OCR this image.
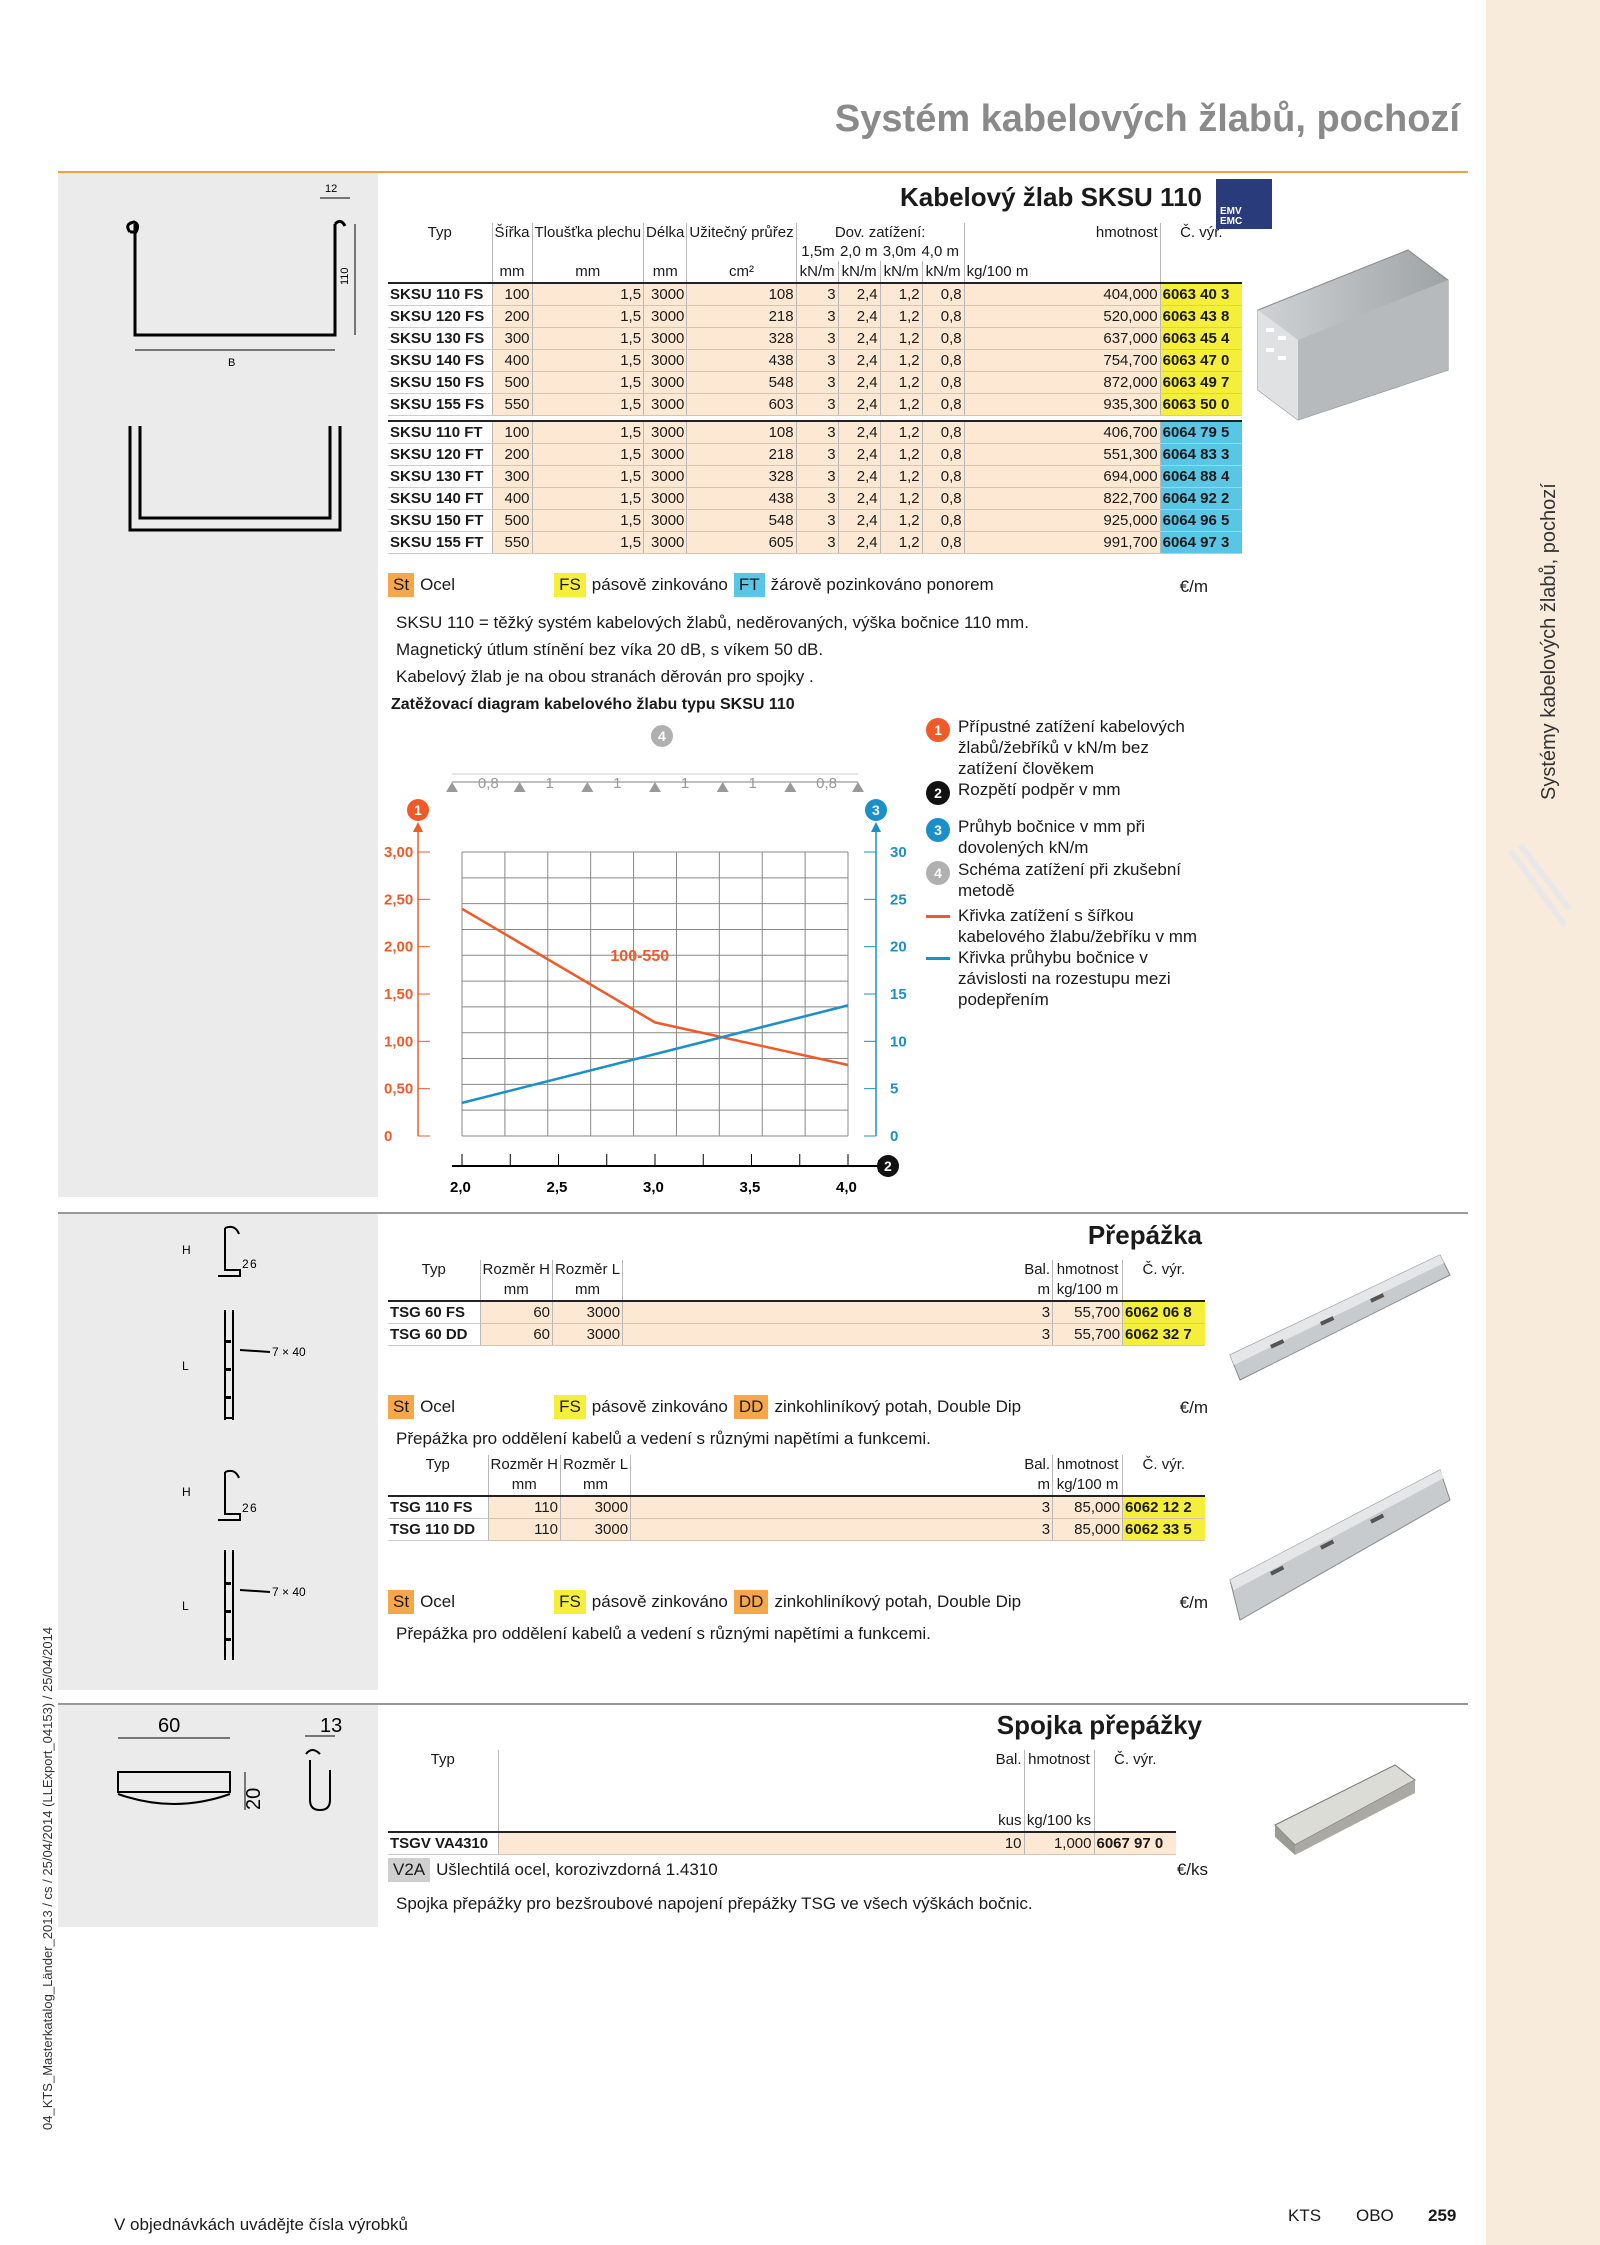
Systémy kabelových žlabů, pochozí
04_KTS_Masterkatalog_Länder_2013 / cs / 25/04/2014 (LLExport_04153) / 25/04/2014
Systém kabelových žlabů, pochozí
12
110
B
Kabelový žlab SKSU 110 EMV
EMC
Typ	Šířka	Tloušťka plechu	Délka	Užitečný průřez	Dov. zatížení:
1,5m 2,0 m 3,0m 4,0 m				hmotnost	Č. výr.
	mm	mm	mm	cm²	kN/m	kN/m	kN/m	kN/m	kg/100 m	
SKSU 110 FS	100	1,5	3000	108	3	2,4	1,2	0,8	404,000	6063 40 3
SKSU 120 FS	200	1,5	3000	218	3	2,4	1,2	0,8	520,000	6063 43 8
SKSU 130 FS	300	1,5	3000	328	3	2,4	1,2	0,8	637,000	6063 45 4
SKSU 140 FS	400	1,5	3000	438	3	2,4	1,2	0,8	754,700	6063 47 0
SKSU 150 FS	500	1,5	3000	548	3	2,4	1,2	0,8	872,000	6063 49 7
SKSU 155 FS	550	1,5	3000	603	3	2,4	1,2	0,8	935,300	6063 50 0

SKSU 110 FT	100	1,5	3000	108	3	2,4	1,2	0,8	406,700	6064 79 5
SKSU 120 FT	200	1,5	3000	218	3	2,4	1,2	0,8	551,300	6064 83 3
SKSU 130 FT	300	1,5	3000	328	3	2,4	1,2	0,8	694,000	6064 88 4
SKSU 140 FT	400	1,5	3000	438	3	2,4	1,2	0,8	822,700	6064 92 2
SKSU 150 FT	500	1,5	3000	548	3	2,4	1,2	0,8	925,000	6064 96 5
SKSU 155 FT	550	1,5	3000	605	3	2,4	1,2	0,8	991,700	6064 97 3
St Ocel	FS pásově zinkováno FT žárově pozinkováno ponorem	€/m
SKSU 110 = těžký systém kabelových žlabů, neděrovaných, výška bočnice 110 mm.
Magnetický útlum stínění bez víka 20 dB, s víkem 50 dB.
Kabelový žlab je na obou stranách děrován pro spojky .
Zatěžovací diagram kabelového žlabu typu SKSU 110
0
0,50
1,00
1,50
2,00
2,50
3,00
0
5
10
15
20
25
30
2,0	2,5	3,0	3,5	4,0
0,8	1	1	1	1	0,8
100-550
1	3
4
2
1 Přípustné zatížení kabelových žlabů/žebříků v kN/m bez zatížení člověkem
2 Rozpětí podpěr v mm
3 Průhyb bočnice v mm při dovolených kN/m
4 Schéma zatížení při zkušební metodě
Křivka zatížení s šířkou kabelového žlabu/žebříku v mm
Křivka průhybu bočnice v závislosti na rozestupu mezi podepřením
H
L
2 6
7 × 40
H
L
2 6
7 × 40
Přepážka
Typ	Rozměr H	Rozměr L	Bal.	hmotnost	Č. výr.
	mm	mm	m	kg/100 m	
TSG 60 FS	60	3000	3	55,700	6062 06 8
TSG 60 DD	60	3000	3	55,700	6062 32 7
St Ocel	FS pásově zinkováno DD zinkohliníkový potah, Double Dip	€/m
Přepážka pro oddělení kabelů a vedení s různými napětími a funkcemi.
Typ	Rozměr H	Rozměr L	Bal.	hmotnost	Č. výr.
	mm	mm	m	kg/100 m	
TSG 110 FS	110	3000	3	85,000	6062 12 2
TSG 110 DD	110	3000	3	85,000	6062 33 5
St Ocel	FS pásově zinkováno DD zinkohliníkový potah, Double Dip	€/m
Přepážka pro oddělení kabelů a vedení s různými napětími a funkcemi.
60	13
20
Spojka přepážky
Typ	Bal.	hmotnost	Č. výr.
	kus	kg/100 ks	
TSGV VA4310	10	1,000	6067 97 0
V2A Ušlechtilá ocel, korozivzdorná 1.4310	€/ks
Spojka přepážky pro bezšroubové napojení přepážky TSG ve všech výškách bočnic.
V objednávkách uvádějte čísla výrobků	KTS OBO 259
